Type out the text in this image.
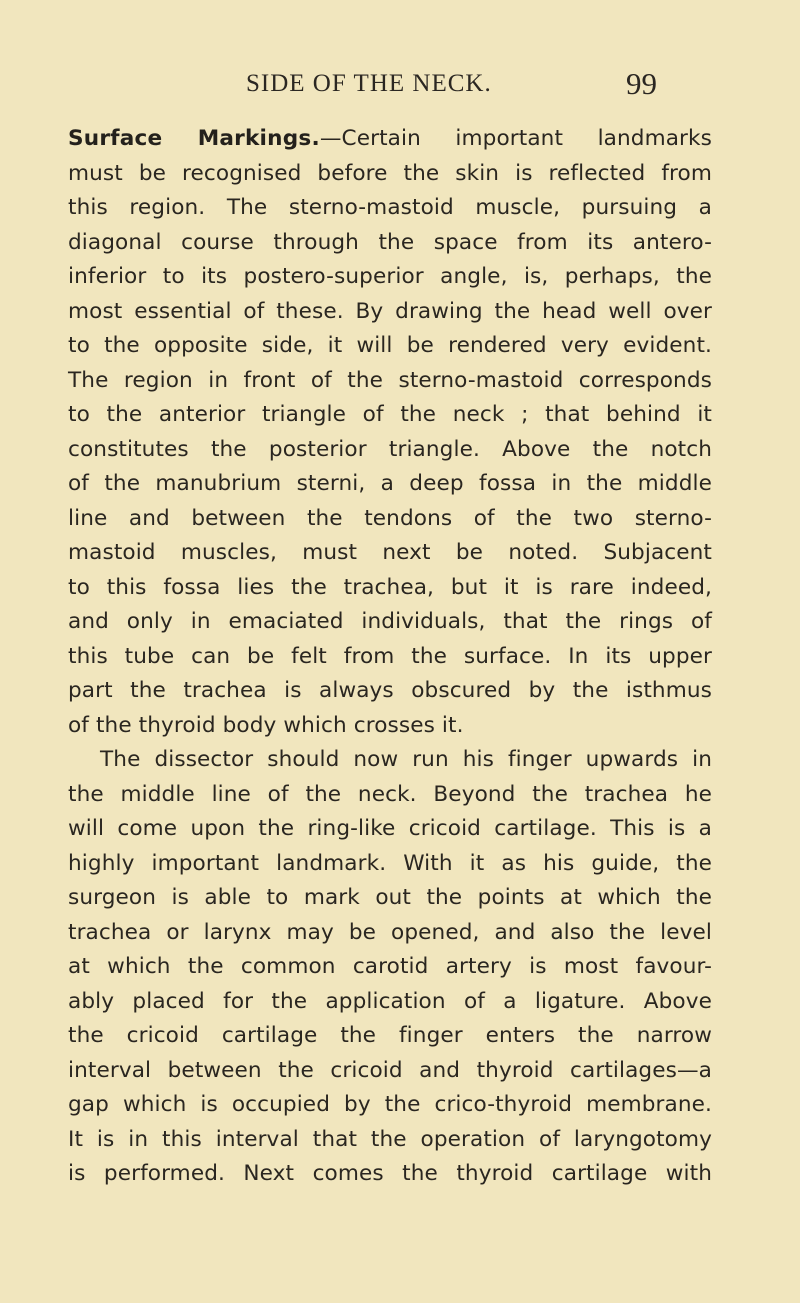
SIDE OF THE NECK.	99
Surface Markings.—Certain important landmarks
must be recognised before the skin is reflected from
this region. The sterno-mastoid muscle, pursuing a
diagonal course through the space from its antero-
inferior to its postero-superior angle, is, perhaps, the
most essential of these. By drawing the head well over
to the opposite side, it will be rendered very evident.
The region in front of the sterno-mastoid corresponds
to the anterior triangle of the neck ; that behind it
constitutes the posterior triangle. Above the notch
of the manubrium sterni, a deep fossa in the middle
line and between the tendons of the two sterno-
mastoid muscles, must next be noted. Subjacent
to this fossa lies the trachea, but it is rare indeed,
and only in emaciated individuals, that the rings of
this tube can be felt from the surface. In its upper
part the trachea is always obscured by the isthmus
of the thyroid body which crosses it.
The dissector should now run his finger upwards in
the middle line of the neck. Beyond the trachea he
will come upon the ring-like cricoid cartilage. This is a
highly important landmark. With it as his guide, the
surgeon is able to mark out the points at which the
trachea or larynx may be opened, and also the level
at which the common carotid artery is most favour-
ably placed for the application of a ligature. Above
the cricoid cartilage the finger enters the narrow
interval between the cricoid and thyroid cartilages—a
gap which is occupied by the crico-thyroid membrane.
It is in this interval that the operation of laryngotomy
is performed. Next comes the thyroid cartilage with
